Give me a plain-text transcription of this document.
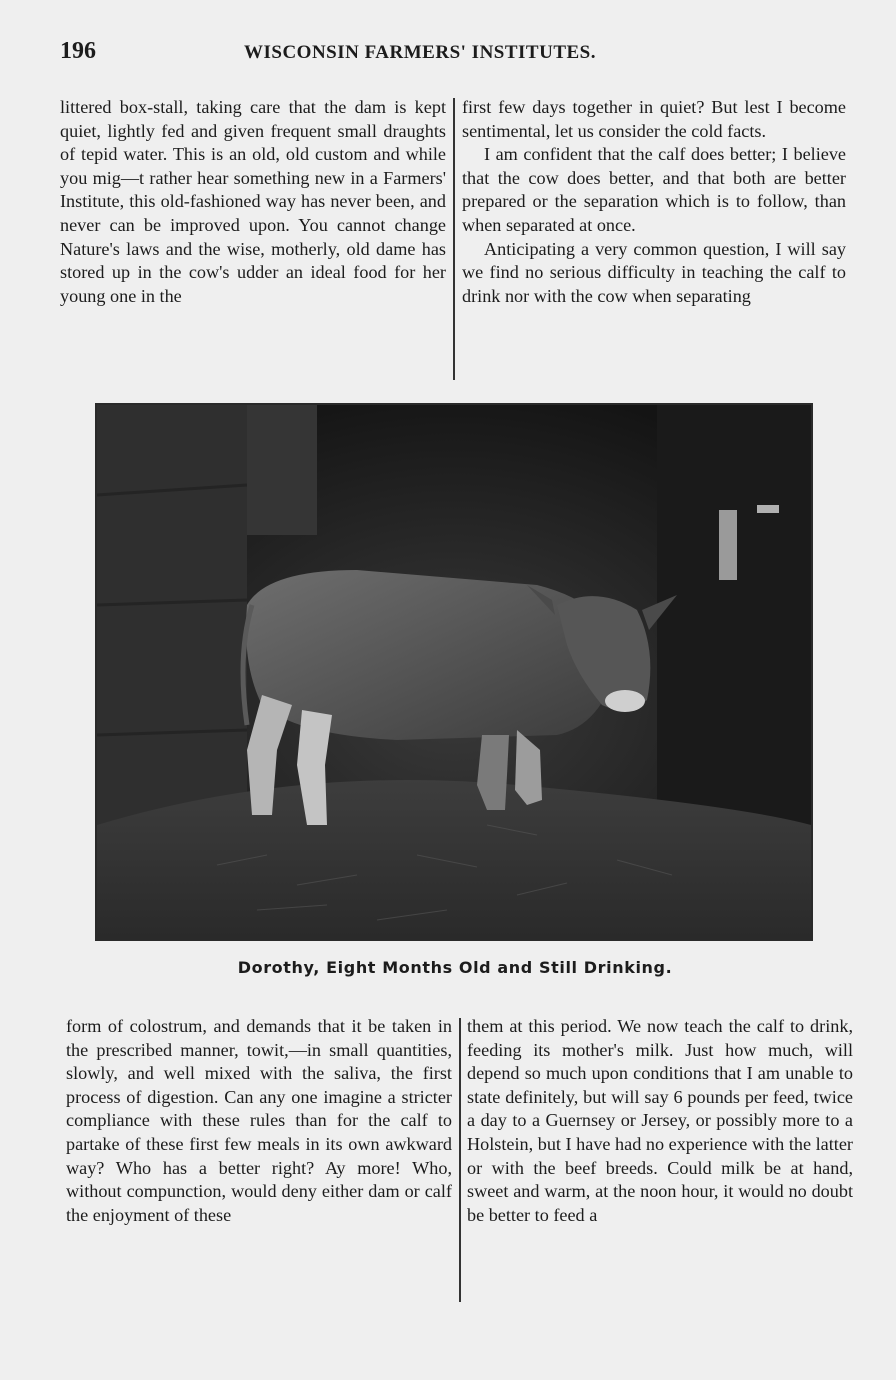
196	WISCONSIN FARMERS' INSTITUTES.

littered box-stall, taking care that the dam is kept quiet, lightly fed and given frequent small draughts of tepid water. This is an old, old custom and while you mig—t rather hear something new in a Farmers' Institute, this old-fashioned way has never been, and never can be improved upon. You cannot change Nature's laws and the wise, motherly, old dame has stored up in the cow's udder an ideal food for her young one in the

first few days together in quiet? But lest I become sentimental, let us consider the cold facts.

I am confident that the calf does better; I believe that the cow does better, and that both are better prepared or the separation which is to follow, than when separated at once.

Anticipating a very common question, I will say we find no serious difficulty in teaching the calf to drink nor with the cow when separating

Dorothy, Eight Months Old and Still Drinking.

form of colostrum, and demands that it be taken in the prescribed manner, towit,—in small quantities, slowly, and well mixed with the saliva, the first process of digestion. Can any one imagine a stricter compliance with these rules than for the calf to partake of these first few meals in its own awkward way? Who has a better right? Ay more! Who, without compunction, would deny either dam or calf the enjoyment of these

them at this period. We now teach the calf to drink, feeding its mother's milk. Just how much, will depend so much upon conditions that I am unable to state definitely, but will say 6 pounds per feed, twice a day to a Guernsey or Jersey, or possibly more to a Holstein, but I have had no experience with the latter or with the beef breeds. Could milk be at hand, sweet and warm, at the noon hour, it would no doubt be better to feed a
